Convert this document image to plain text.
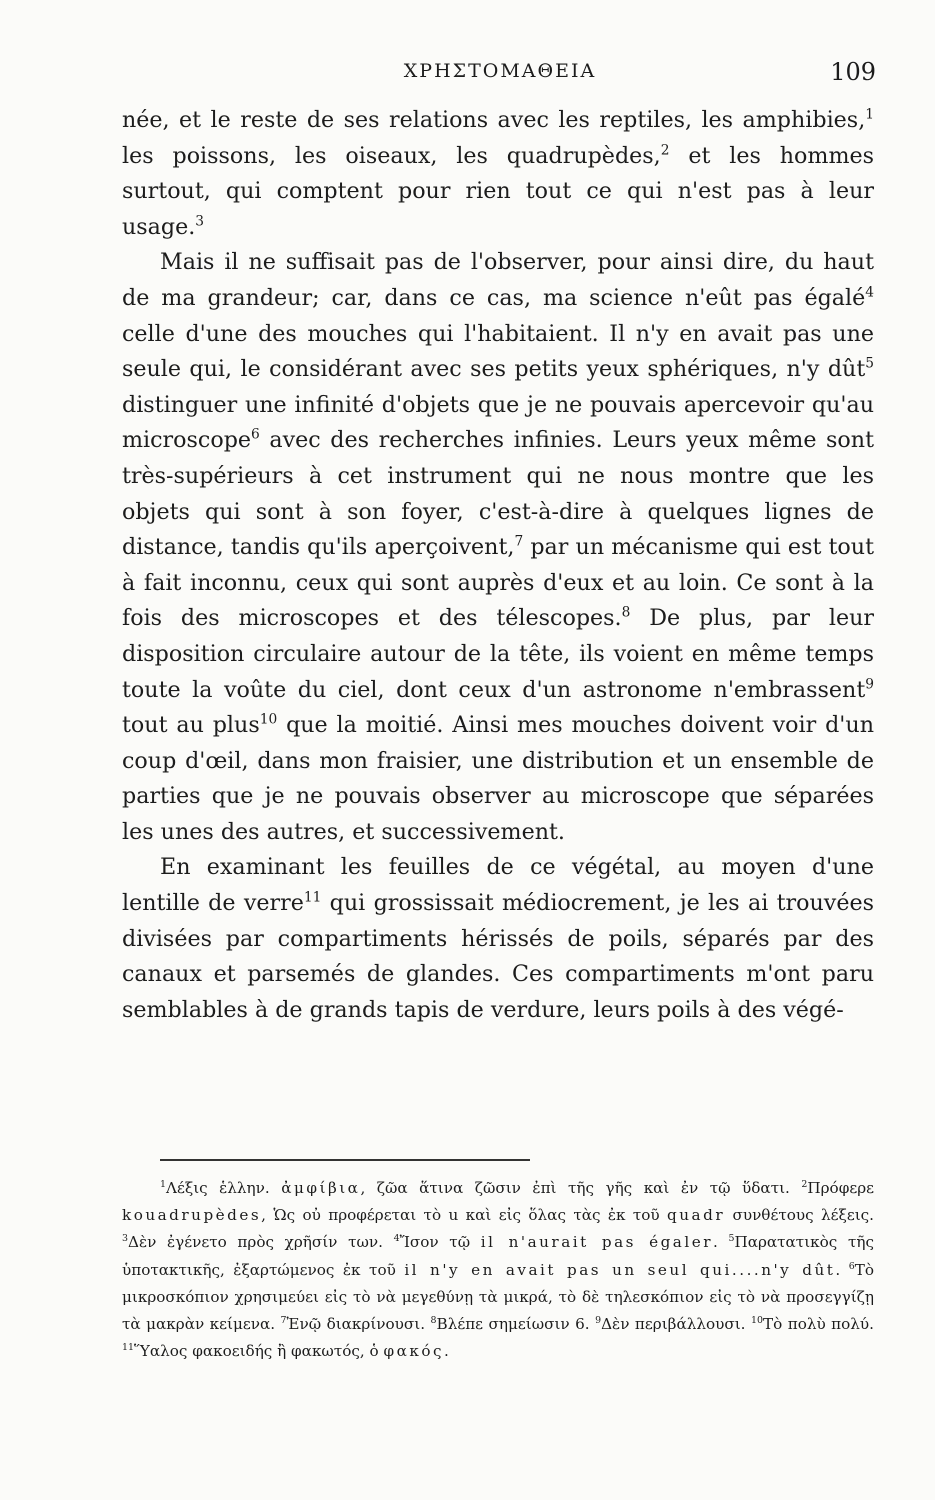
ΧΡΗΣΤΟΜΑΘΕΙΑ	109

née, et le reste de ses relations avec les reptiles, les amphibies,$^1$ les poissons, les oiseaux, les quadrupèdes,$^2$ et les hommes surtout, qui comptent pour rien tout ce qui n'est pas à leur usage.$^3$

Mais il ne suffisait pas de l'observer, pour ainsi dire, du haut de ma grandeur; car, dans ce cas, ma science n'eût pas égalé$^4$ celle d'une des mouches qui l'habitaient. Il n'y en avait pas une seule qui, le considérant avec ses petits yeux sphériques, n'y dût$^5$ distinguer une infinité d'objets que je ne pouvais apercevoir qu'au microscope$^6$ avec des recherches infinies. Leurs yeux même sont très-supérieurs à cet instrument qui ne nous montre que les objets qui sont à son foyer, c'est-à-dire à quelques lignes de distance, tandis qu'ils aperçoivent,$^7$ par un mécanisme qui est tout à fait inconnu, ceux qui sont auprès d'eux et au loin. Ce sont à la fois des microscopes et des télescopes.$^8$ De plus, par leur disposition circulaire autour de la tête, ils voient en même temps toute la voûte du ciel, dont ceux d'un astronome n'embrassent$^9$ tout au plus$^{10}$ que la moitié. Ainsi mes mouches doivent voir d'un coup d'œil, dans mon fraisier, une distribution et un ensemble de parties que je ne pouvais observer au microscope que séparées les unes des autres, et successivement.

En examinant les feuilles de ce végétal, au moyen d'une lentille de verre$^{11}$ qui grossissait médiocrement, je les ai trouvées divisées par compartiments hérissés de poils, séparés par des canaux et parsemés de glandes. Ces compartiments m'ont paru semblables à de grands tapis de verdure, leurs poils à des végé-

$^1$Λέξις ἑλλην. ἀμφίβια, ζῶα ἅτινα ζῶσιν ἐπὶ τῆς γῆς καὶ ἐν τῷ ὕδατι. $^2$Πρόφερε kouadrupèdes, Ὡς οὐ προφέρεται τὸ u καὶ εἰς ὅλας τὰς ἐκ τοῦ quadr συνθέτους λέξεις. $^3$Δὲν ἐγένετο πρὸς χρῆσίν των. $^4$Ἴσον τῷ il n'aurait pas égaler. $^5$Παρατατικὸς τῆς ὑποτακτικῆς, ἐξαρτώμενος ἐκ τοῦ il n'y en avait pas un seul qui....n'y dût. $^6$Τὸ μικροσκόπιον χρησιμεύει εἰς τὸ νὰ μεγεθύνῃ τὰ μικρά, τὸ δὲ τηλεσκόπιον εἰς τὸ νὰ προσεγγίζῃ τὰ μακρὰν κείμενα. $^7$Ἐνῷ διακρίνουσι. $^8$Βλέπε σημείωσιν 6. $^9$Δὲν περιβάλλουσι. $^{10}$Τὸ πολὺ πολύ. $^{11}$Ὕαλος φακοειδής ἢ φακωτός, ὁ φακός.
